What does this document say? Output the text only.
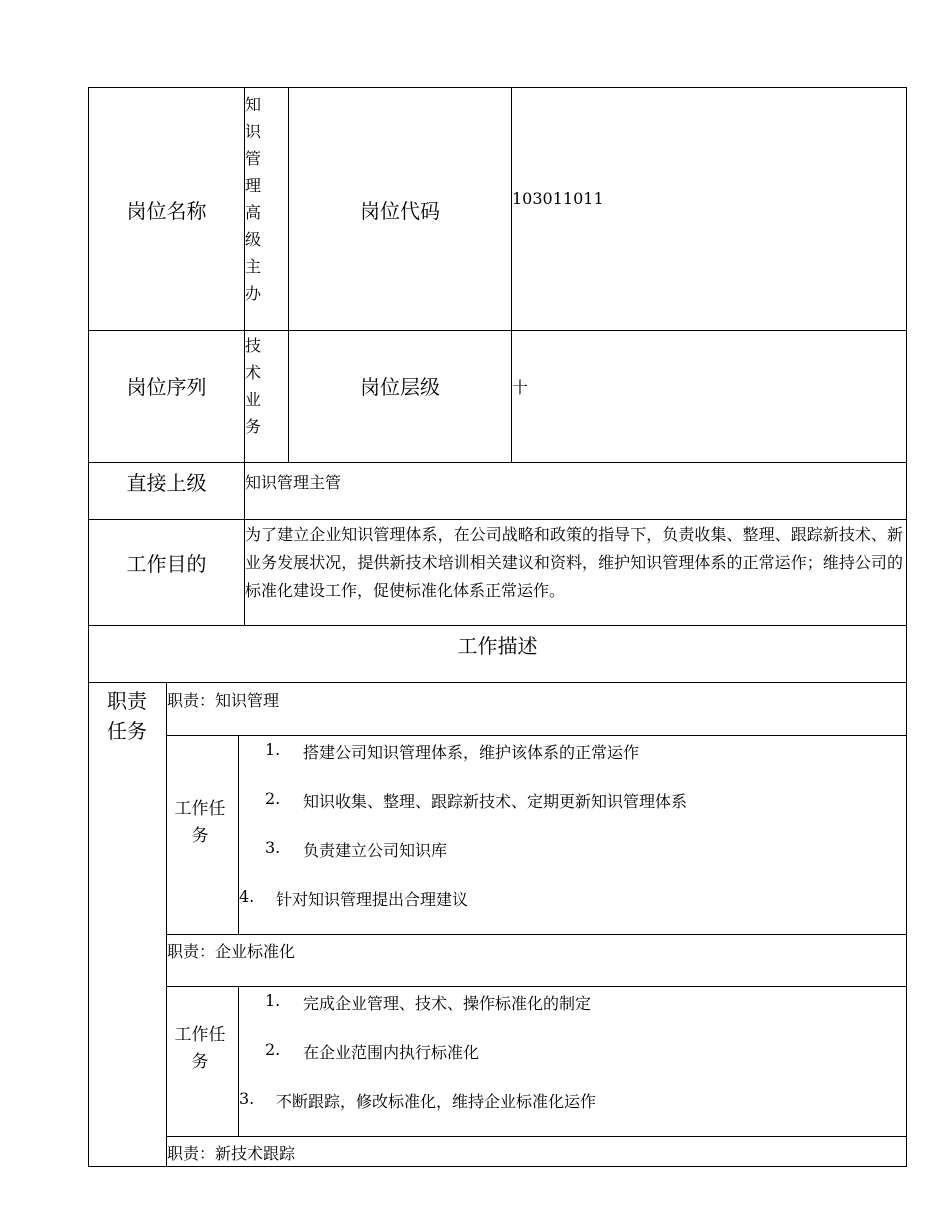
岗位名称
知识管理高级主办
岗位代码	103011011
岗位序列
技术业务
岗位层级	十
直接上级 知识管理主管
工作目的
为了建立企业知识管理体系，在公司战略和政策的指导下，负责收集、整理、跟踪新技术、新业务发展状况，提供新技术培训相关建议和资料，维护知识管理体系的正常运作；维持公司的标准化建设工作，促使标准化体系正常运作。
工作描述
职责任务
职责：知识管理
工作任务
1. 搭建公司知识管理体系，维护该体系的正常运作
2. 知识收集、整理、跟踪新技术、定期更新知识管理体系
3. 负责建立公司知识库
4. 针对知识管理提出合理建议
职责：企业标准化
工作任务
1. 完成企业管理、技术、操作标准化的制定
2. 在企业范围内执行标准化
3. 不断跟踪，修改标准化，维持企业标准化运作
职责：新技术跟踪
